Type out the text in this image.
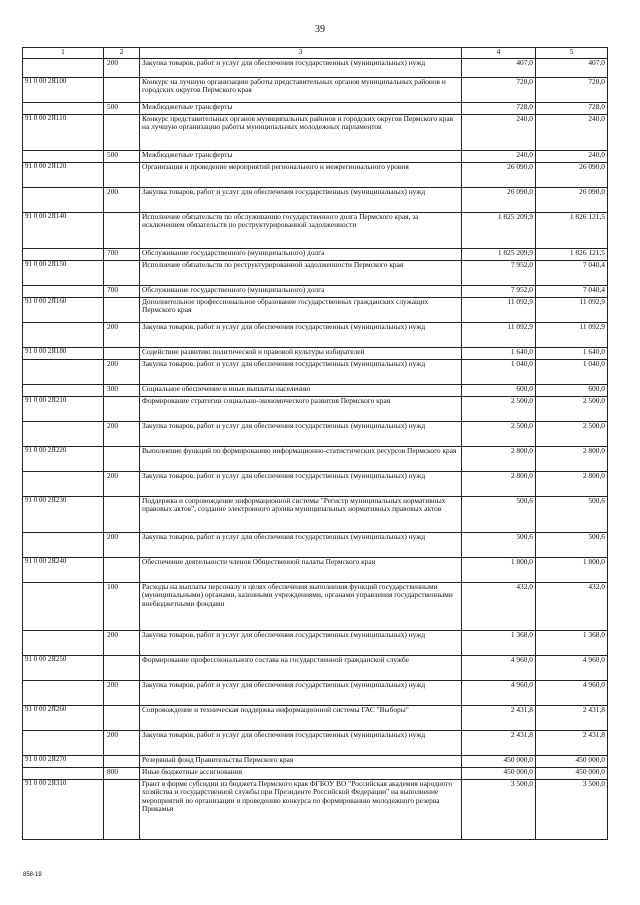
39
1	2	3	4	5
	200	Закупка товаров, работ и услуг для обеспечения государственных (муниципальных) нужд	407,0	407,0
91 0 00 2Я100		Конкурс на лучшую организацию работы представительных органов муниципальных районов и городских округов Пермского края	728,0	728,0
	500	Межбюджетные трансферты	728,0	728,0
91 0 00 2Я110		Конкурс представительных органов муниципальных районов и городских округов Пермского края на лучшую организацию работы муниципальных молодежных парламентов	240,0	240,0
	500	Межбюджетные трансферты	240,0	240,0
91 0 00 2Я120		Организация и проведение мероприятий регионального и межрегионального уровня	26 090,0	26 090,0
	200	Закупка товаров, работ и услуг для обеспечения государственных (муниципальных) нужд	26 090,0	26 090,0
91 0 00 2Я140		Исполнение обязательств по обслуживанию государственного долга Пермского края, за исключением обязательств по реструктурированной задолженности	1 825 209,9	1 826 121,5
	700	Обслуживание государственного (муниципального) долга	1 825 209,9	1 826 121,5
91 0 00 2Я150		Исполнение обязательств по реструктурированной задолженности Пермского края	7 952,0	7 040,4
	700	Обслуживание государственного (муниципального) долга	7 952,0	7 040,4
91 0 00 2Я160		Дополнительное профессиональное образование государственных гражданских служащих Пермского края	11 092,9	11 092,9
	200	Закупка товаров, работ и услуг для обеспечения государственных (муниципальных) нужд	11 092,9	11 092,9
91 0 00 2Я180		Содействие развитию политической и правовой культуры избирателей	1 640,0	1 640,0
	200	Закупка товаров, работ и услуг для обеспечения государственных (муниципальных) нужд	1 040,0	1 040,0
	300	Социальное обеспечение и иные выплаты населению	600,0	600,0
91 0 00 2Я210		Формирование стратегии социально-экономического развития Пермского края	2 500,0	2 500,0
	200	Закупка товаров, работ и услуг для обеспечения государственных (муниципальных) нужд	2 500,0	2 500,0
91 0 00 2Я220		Выполнение функций по формированию информационно-статистических ресурсов Пермского края	2 800,0	2 800,0
	200	Закупка товаров, работ и услуг для обеспечения государственных (муниципальных) нужд	2 800,0	2 800,0
91 0 00 2Я230		Поддержка и сопровождение информационной системы "Регистр муниципальных нормативных правовых актов", создание электронного архива муниципальных нормативных правовых актов	500,6	500,6
	200	Закупка товаров, работ и услуг для обеспечения государственных (муниципальных) нужд	500,6	500,6
91 0 00 2Я240		Обеспечение деятельности членов Общественной палаты Пермского края	1 800,0	1 800,0
	100	Расходы на выплаты персоналу в целях обеспечения выполнения функций государственными (муниципальными) органами, казенными учреждениями, органами управления государственными внебюджетными фондами	432,0	432,0
	200	Закупка товаров, работ и услуг для обеспечения государственных (муниципальных) нужд	1 368,0	1 368,0
91 0 00 2Я250		Формирование профессионального состава на государственной гражданской службе	4 960,0	4 960,0
	200	Закупка товаров, работ и услуг для обеспечения государственных (муниципальных) нужд	4 960,0	4 960,0
91 0 00 2Я260		Сопровождение и техническая поддержка информационной системы ГАС "Выборы"	2 431,8	2 431,8
	200	Закупка товаров, работ и услуг для обеспечения государственных (муниципальных) нужд	2 431,8	2 431,8
91 0 00 2Я270		Резервный фонд Правительства Пермского края	450 000,0	450 000,0
	800	Иные бюджетные ассигнования	450 000,0	450 000,0
91 0 00 2Я310		Грант в форме субсидии из бюджета Пермского края ФГБОУ ВО "Российская академия народного хозяйства и государственной службы при Президенте Российской Федерации" на выполнение мероприятий по организации и проведению конкурса по формированию молодежного резерва Прикамья	3 500,0	3 500,0
858-19
